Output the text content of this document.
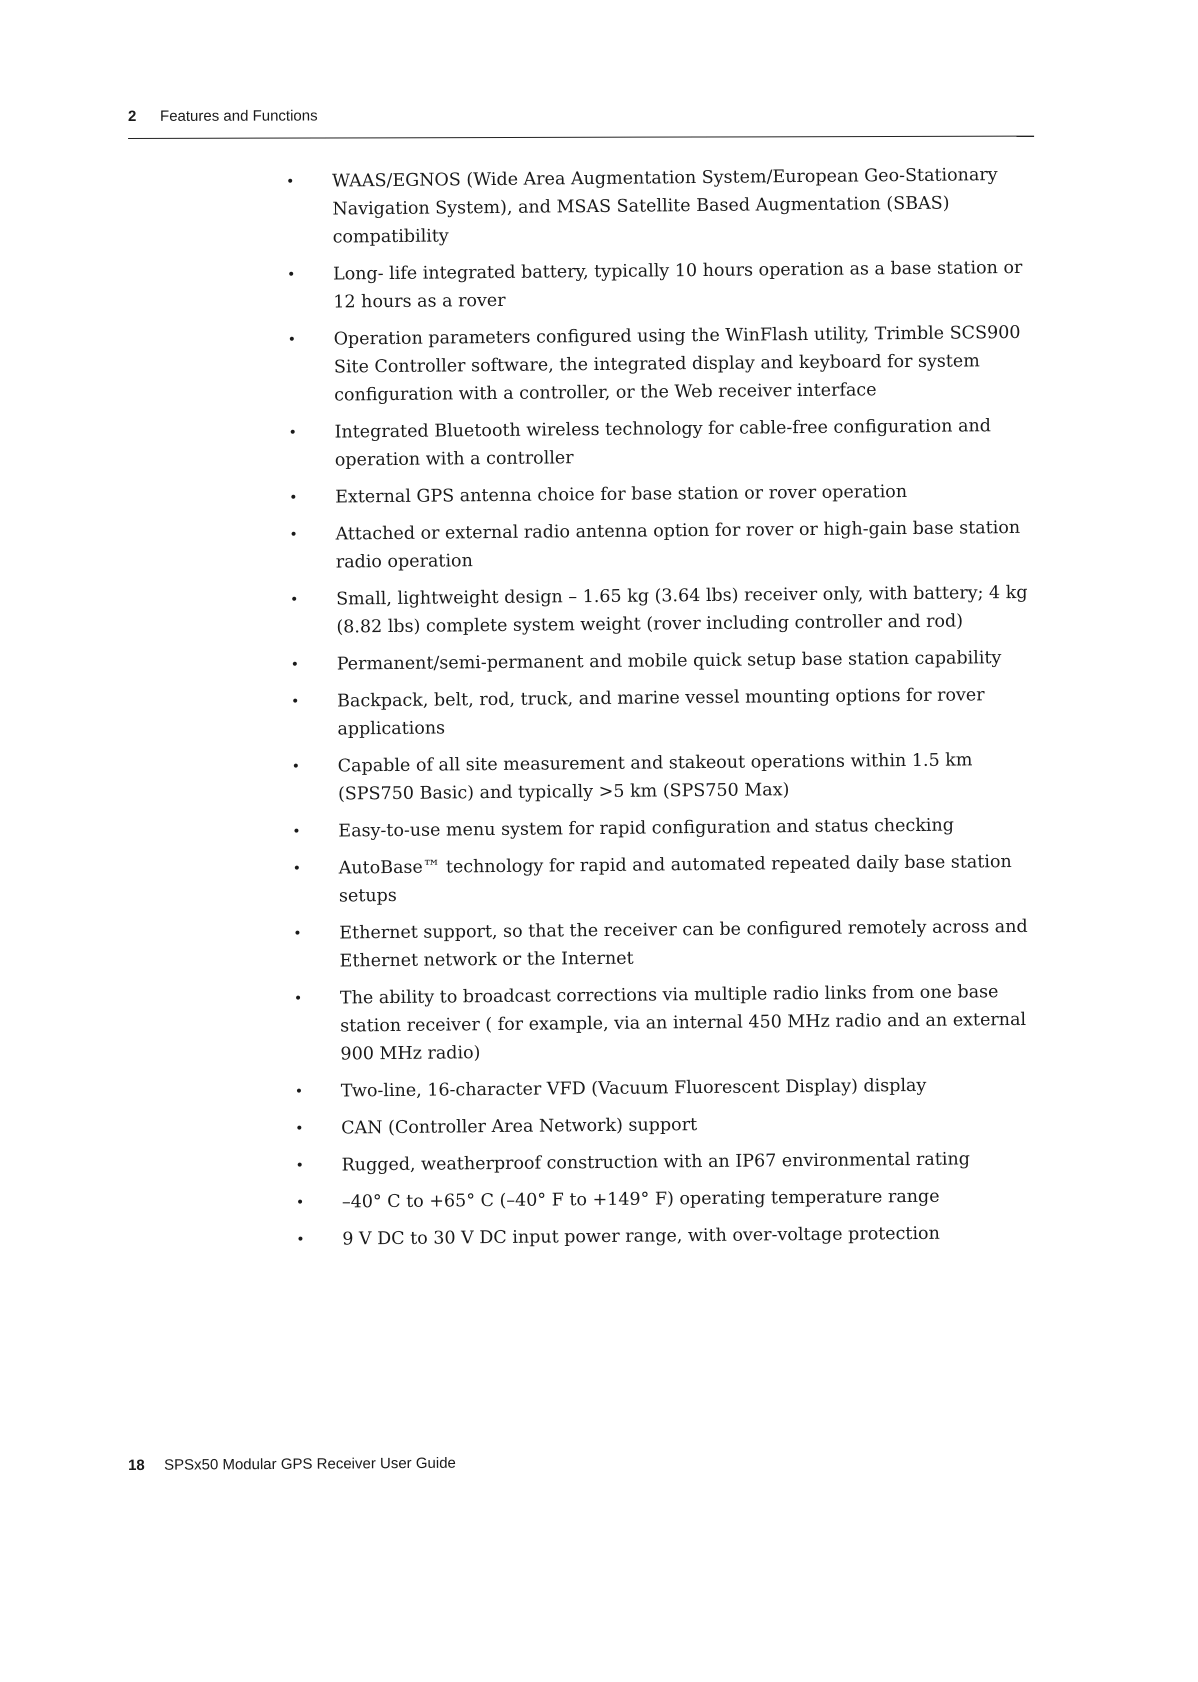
2 Features and Functions
• WAAS/EGNOS (Wide Area Augmentation System/European Geo-Stationary Navigation System), and MSAS Satellite Based Augmentation (SBAS) compatibility
• Long- life integrated battery, typically 10 hours operation as a base station or 12 hours as a rover
• Operation parameters configured using the WinFlash utility, Trimble SCS900 Site Controller software, the integrated display and keyboard for system configuration with a controller, or the Web receiver interface
• Integrated Bluetooth wireless technology for cable-free configuration and operation with a controller
• External GPS antenna choice for base station or rover operation
• Attached or external radio antenna option for rover or high-gain base station radio operation
• Small, lightweight design – 1.65 kg (3.64 lbs) receiver only, with battery; 4 kg (8.82 lbs) complete system weight (rover including controller and rod)
• Permanent/semi-permanent and mobile quick setup base station capability
• Backpack, belt, rod, truck, and marine vessel mounting options for rover applications
• Capable of all site measurement and stakeout operations within 1.5 km (SPS750 Basic) and typically >5 km (SPS750 Max)
• Easy-to-use menu system for rapid configuration and status checking
• AutoBase™ technology for rapid and automated repeated daily base station setups
• Ethernet support, so that the receiver can be configured remotely across and Ethernet network or the Internet
• The ability to broadcast corrections via multiple radio links from one base station receiver ( for example, via an internal 450 MHz radio and an external 900 MHz radio)
• Two-line, 16-character VFD (Vacuum Fluorescent Display) display
• CAN (Controller Area Network) support
• Rugged, weatherproof construction with an IP67 environmental rating
• –40° C to +65° C (–40° F to +149° F) operating temperature range
• 9 V DC to 30 V DC input power range, with over-voltage protection
18 SPSx50 Modular GPS Receiver User Guide
